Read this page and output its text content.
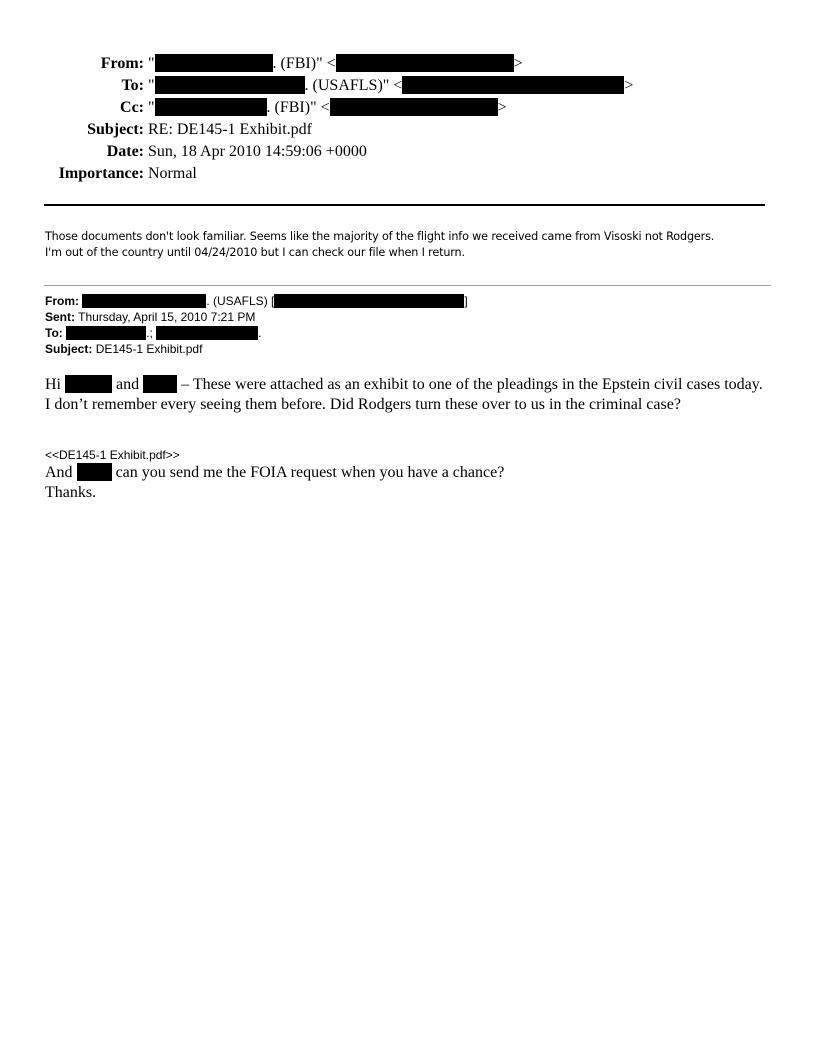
From: "	. (FBI)" <	>
To: "	. (USAFLS)" <	>
Cc: "	. (FBI)" <	>
Subject: RE: DE145-1 Exhibit.pdf
Date: Sun, 18 Apr 2010 14:59:06 +0000
Importance: Normal

Those documents don't look familiar. Seems like the majority of the flight info we received came from Visoski not Rodgers.

I'm out of the country until 04/24/2010 but I can check our file when I return.

From:	. (USAFLS) [	]
Sent: Thursday, April 15, 2010 7:21 PM
To:	.;	.
Subject: DE145-1 Exhibit.pdf

Hi	and	– These were attached as an exhibit to one of the pleadings in the Epstein civil cases today.

I don’t remember every seeing them before. Did Rodgers turn these over to us in the criminal case?

<<DE145-1 Exhibit.pdf>>

And	can you send me the FOIA request when you have a chance?

Thanks.
